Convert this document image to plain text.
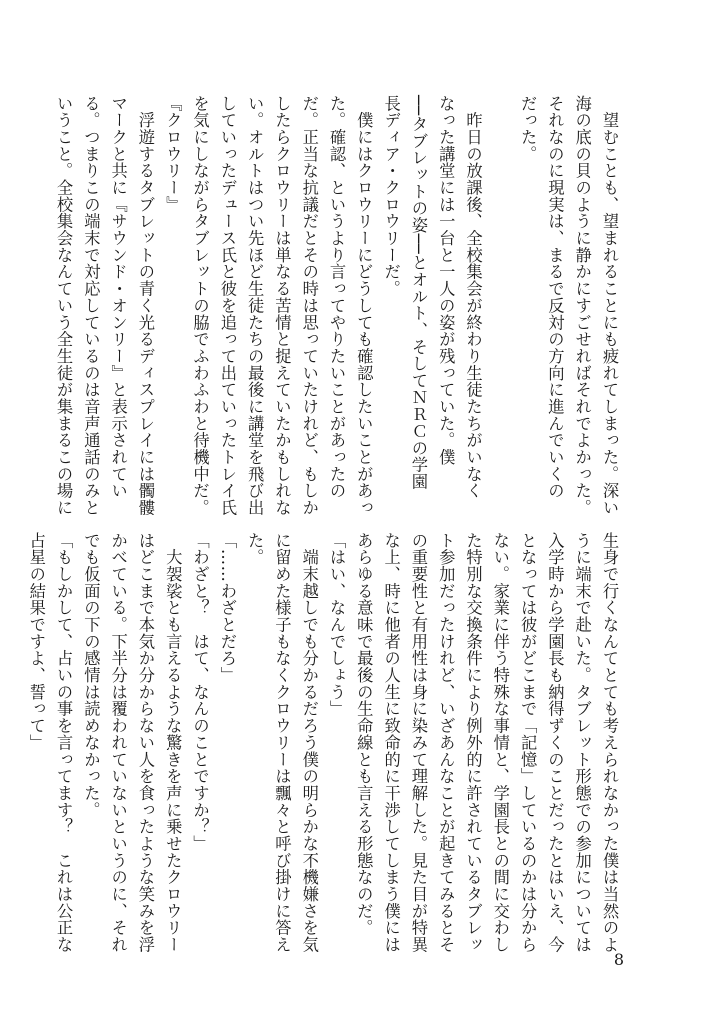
　望むことも、望まれることにも疲れてしまった。深い
海の底の貝のように静かにすごせればそれでよかった。
それなのに現実は、まるで反対の方向に進んでいくの
だった。

　昨日の放課後、全校集会が終わり生徒たちがいなく
なった講堂には一台と一人の姿が残っていた。僕
──タブレットの姿──とオルト、そしてＮＲＣの学園
長ディア・クロウリーだ。
　僕にはクロウリーにどうしても確認したいことがあっ
た。確認、というより言ってやりたいことがあったの
だ。正当な抗議だとその時は思っていたけれど、もしか
したらクロウリーは単なる苦情と捉えていたかもしれな
い。オルトはつい先ほど生徒たちの最後に講堂を飛び出
していったデュース氏と彼を追って出ていったトレイ氏
を気にしながらタブレットの脇でふわふわと待機中だ。
『クロウリー』
　浮遊するタブレットの青く光るディスプレイには髑髏
マークと共に『サウンド・オンリー』と表示されてい
る。つまりこの端末で対応しているのは音声通話のみと
いうこと。全校集会なんていう全生徒が集まるこの場に
生身で行くなんてとても考えられなかった僕は当然のよ
うに端末で赴いた。タブレット形態での参加については
入学時から学園長も納得ずくのことだったとはいえ、今
となっては彼がどこまで「記憶」しているのかは分から
ない。家業に伴う特殊な事情と、学園長との間に交わし
た特別な交換条件により例外的に許されているタブレッ
ト参加だったけれど、いざあんなことが起きてみるとそ
の重要性と有用性は身に染みて理解した。見た目が特異
な上、時に他者の人生に致命的に干渉してしまう僕には
あらゆる意味で最後の生命線とも言える形態なのだ。
「はい、なんでしょう」
　端末越しでも分かるだろう僕の明らかな不機嫌さを気
に留めた様子もなくクロウリーは飄々と呼び掛けに答え
た。
「……わざとだろ」
「わざと？　はて、なんのことですか？」
　大袈裟とも言えるような驚きを声に乗せたクロウリー
はどこまで本気か分からない人を食ったような笑みを浮
かべている。下半分は覆われていないというのに、それ
でも仮面の下の感情は読めなかった。
「もしかして、占いの事を言ってます？　これは公正な
占星の結果ですよ、誓って」
8
